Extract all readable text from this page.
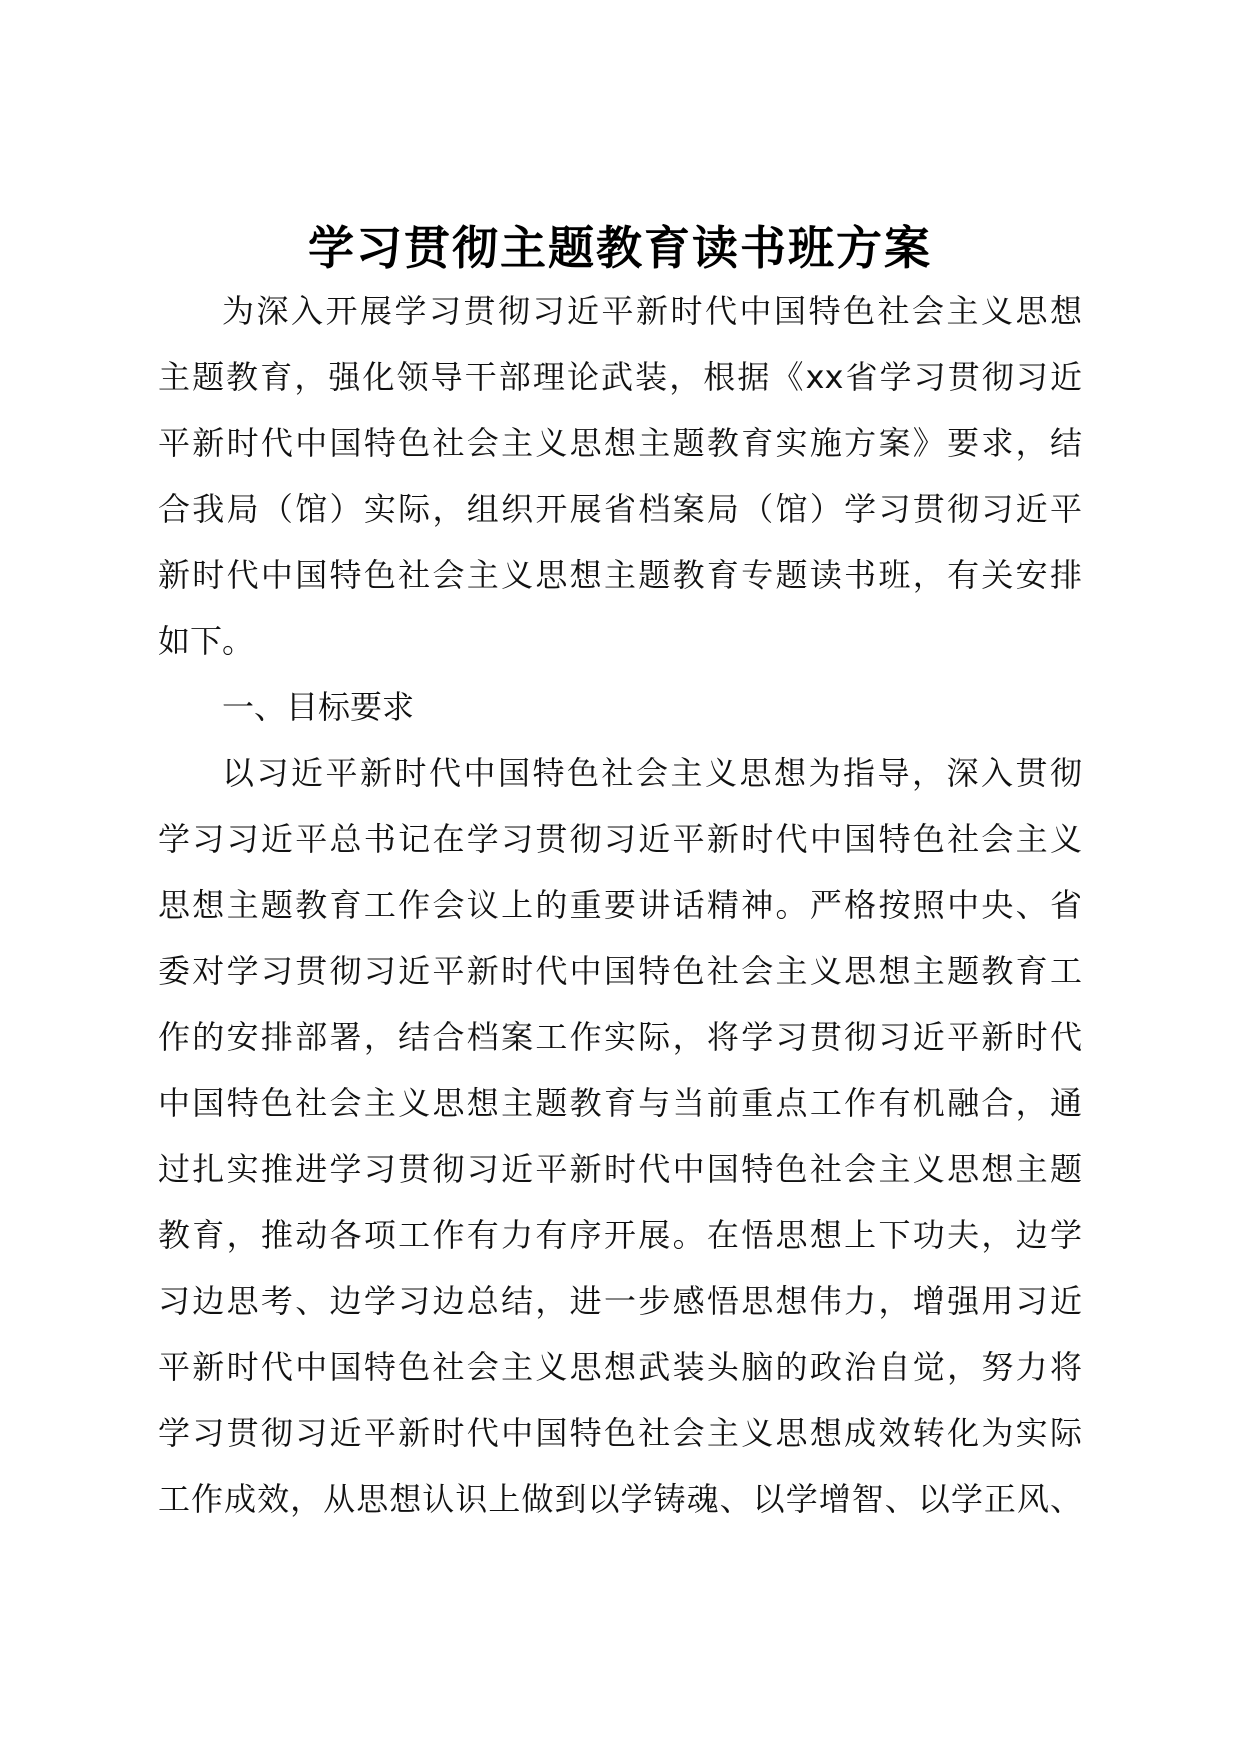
学习贯彻主题教育读书班方案
为深入开展学习贯彻习近平新时代中国特色社会主义思想
主题教育，强化领导干部理论武装，根据《xx省学习贯彻习近
平新时代中国特色社会主义思想主题教育实施方案》要求，结
合我局（馆）实际，组织开展省档案局（馆）学习贯彻习近平
新时代中国特色社会主义思想主题教育专题读书班，有关安排
如下。
一、目标要求
以习近平新时代中国特色社会主义思想为指导，深入贯彻
学习习近平总书记在学习贯彻习近平新时代中国特色社会主义
思想主题教育工作会议上的重要讲话精神。严格按照中央、省
委对学习贯彻习近平新时代中国特色社会主义思想主题教育工
作的安排部署，结合档案工作实际，将学习贯彻习近平新时代
中国特色社会主义思想主题教育与当前重点工作有机融合，通
过扎实推进学习贯彻习近平新时代中国特色社会主义思想主题
教育，推动各项工作有力有序开展。在悟思想上下功夫，边学
习边思考、边学习边总结，进一步感悟思想伟力，增强用习近
平新时代中国特色社会主义思想武装头脑的政治自觉，努力将
学习贯彻习近平新时代中国特色社会主义思想成效转化为实际
工作成效，从思想认识上做到以学铸魂、以学增智、以学正风、
